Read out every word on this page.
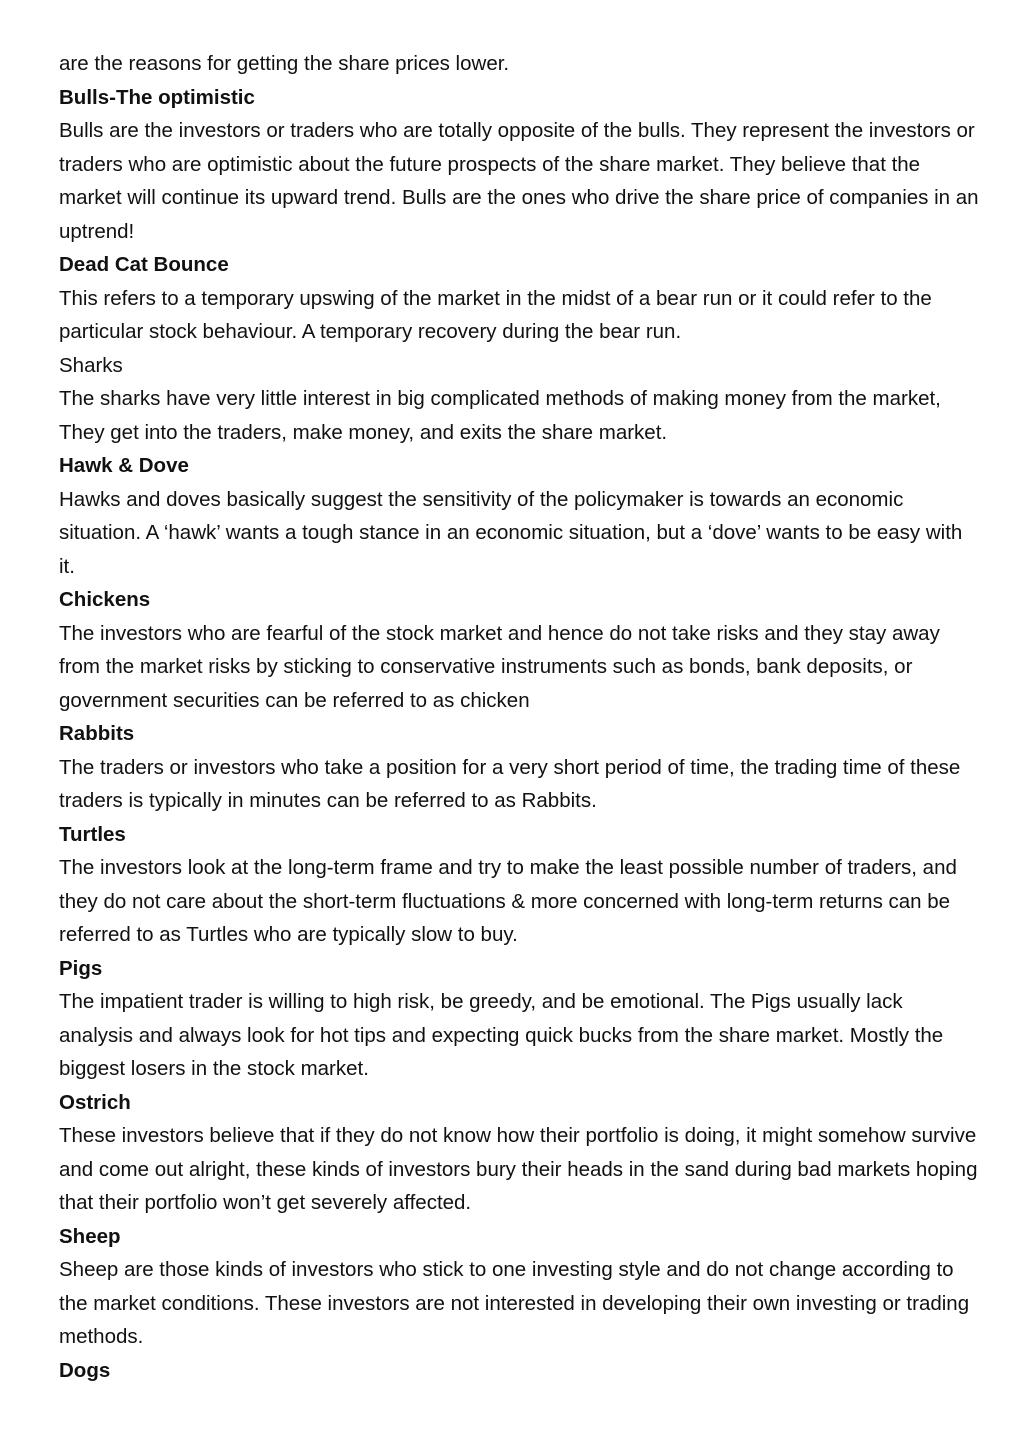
are the reasons for getting the share prices lower.

Bulls-The optimistic

Bulls are the investors or traders who are totally opposite of the bulls. They represent the investors or traders who are optimistic about the future prospects of the share market. They believe that the market will continue its upward trend. Bulls are the ones who drive the share price of companies in an uptrend!

Dead Cat Bounce

This refers to a temporary upswing of the market in the midst of a bear run or it could refer to the particular stock behaviour. A temporary recovery during the bear run.

Sharks

The sharks have very little interest in big complicated methods of making money from the market, They get into the traders, make money, and exits the share market.

Hawk & Dove

Hawks and doves basically suggest the sensitivity of the policymaker is towards an economic situation. A ‘hawk’ wants a tough stance in an economic situation, but a ‘dove’ wants to be easy with it.

Chickens

The investors who are fearful of the stock market and hence do not take risks and they stay away from the market risks by sticking to conservative instruments such as bonds, bank deposits, or government securities can be referred to as chicken

Rabbits

The traders or investors who take a position for a very short period of time, the trading time of these traders is typically in minutes can be referred to as Rabbits.

Turtles

The investors look at the long-term frame and try to make the least possible number of traders, and they do not care about the short-term fluctuations & more concerned with long-term returns can be referred to as Turtles who are typically slow to buy.

Pigs

The impatient trader is willing to high risk, be greedy, and be emotional. The Pigs usually lack analysis and always look for hot tips and expecting quick bucks from the share market. Mostly the biggest losers in the stock market.

Ostrich

These investors believe that if they do not know how their portfolio is doing, it might somehow survive and come out alright, these kinds of investors bury their heads in the sand during bad markets hoping that their portfolio won’t get severely affected.

Sheep

Sheep are those kinds of investors who stick to one investing style and do not change according to the market conditions. These investors are not interested in developing their own investing or trading methods.

Dogs
